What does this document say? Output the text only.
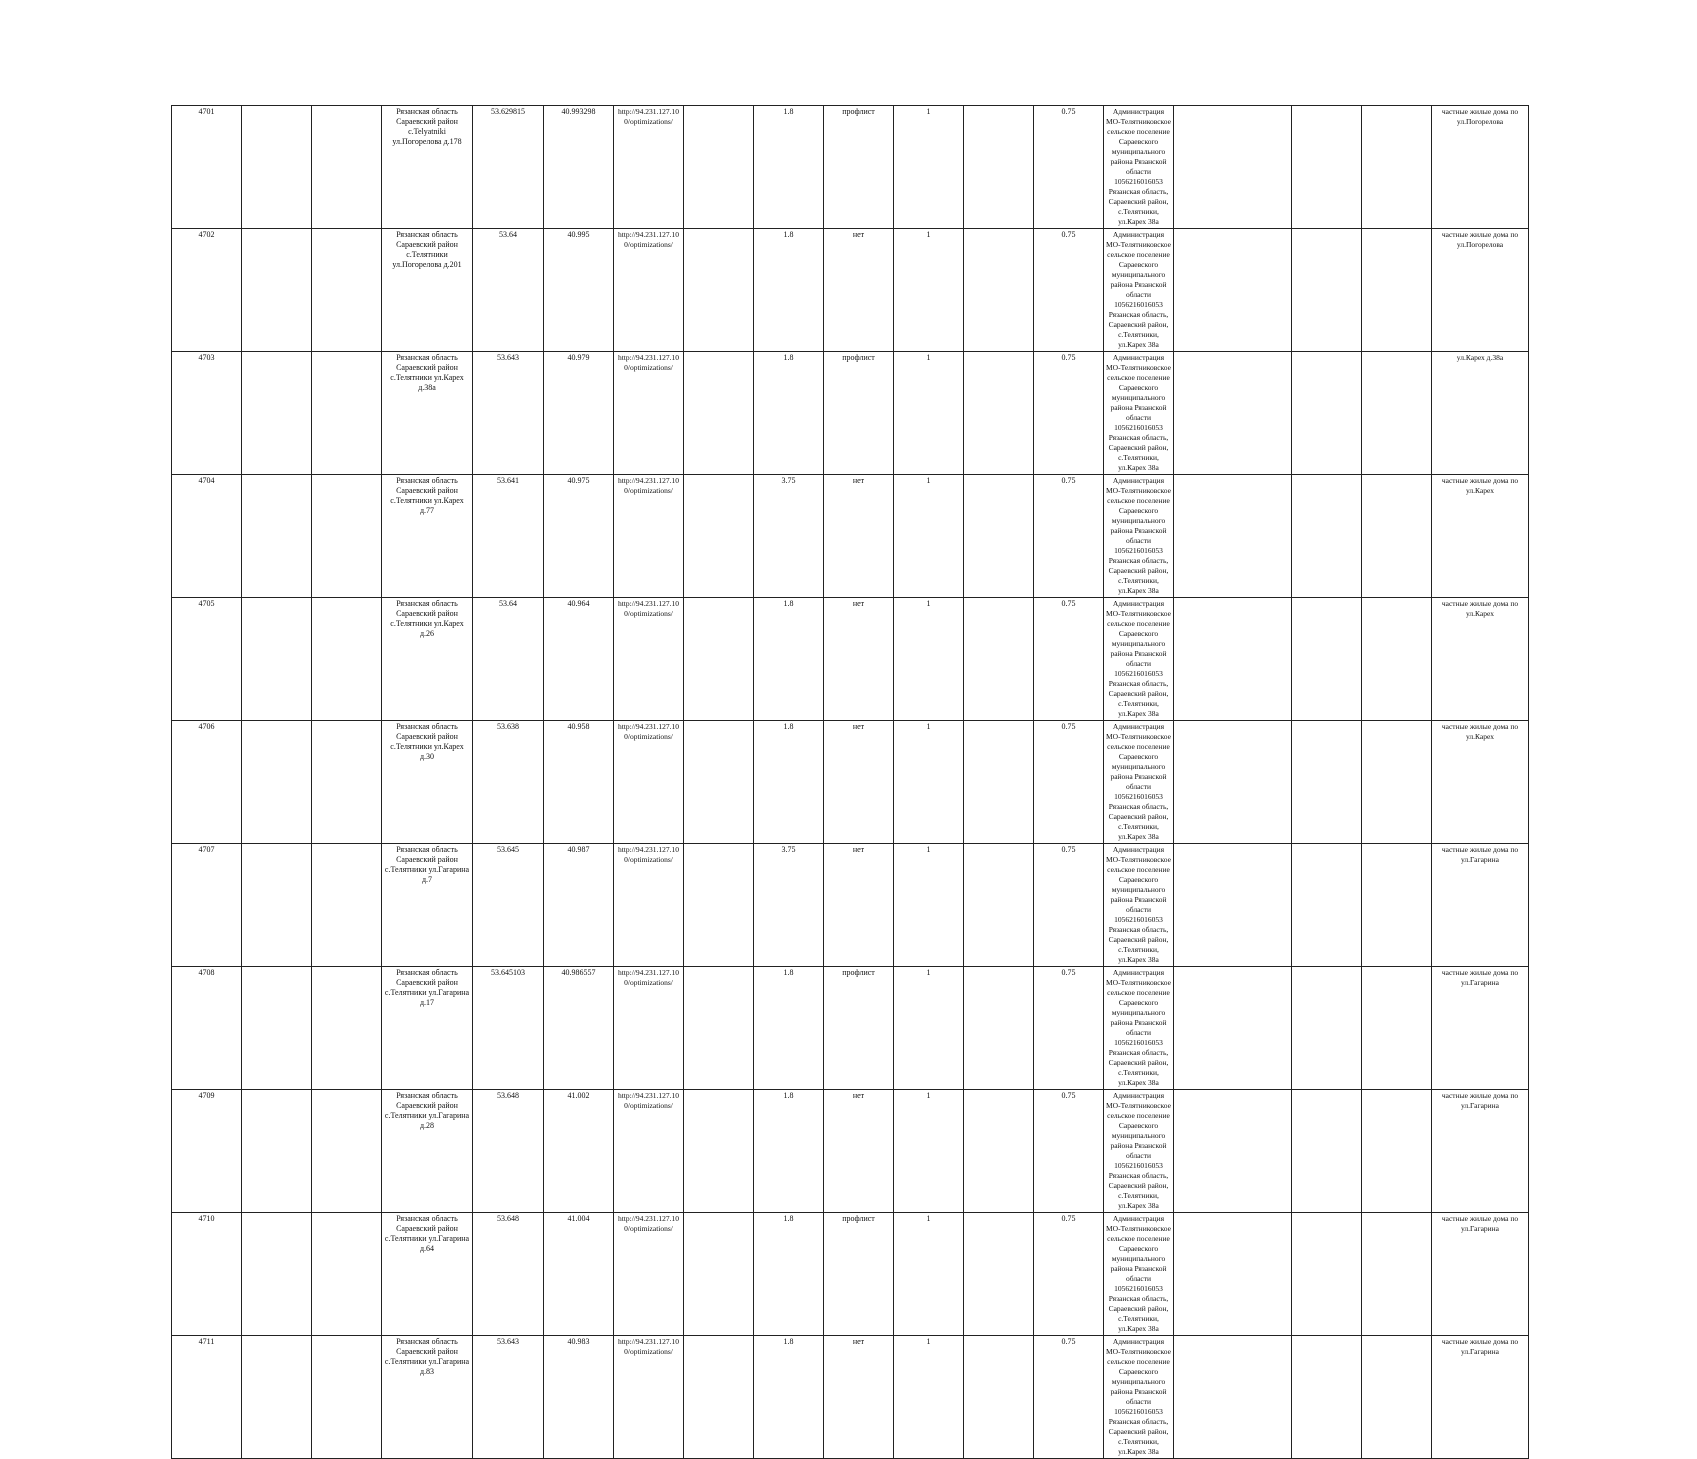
4701			Рязанская область Сараевский район с.Telyatniki ул.Погорелова д.178	53.629815	40.993298	http://94.231.127.10 0/optimizations/		1.8	профлист	1		0.75	Администрация МО-Телятниковское сельское поселение Сараевского муниципального района Рязанской области 1056216016053 Рязанская область, Сараевский район, с.Телятники, ул.Карех 38а				частные жилые дома по ул.Погорелова
4702			Рязанская область Сараевский район с.Телятники ул.Погорелова д.201	53.64	40.995	http://94.231.127.10 0/optimizations/		1.8	нет	1		0.75	Администрация МО-Телятниковское сельское поселение Сараевского муниципального района Рязанской области 1056216016053 Рязанская область, Сараевский район, с.Телятники, ул.Карех 38а				частные жилые дома по ул.Погорелова
4703			Рязанская область Сараевский район с.Телятники ул.Карех д.38а	53.643	40.979	http://94.231.127.10 0/optimizations/		1.8	профлист	1		0.75	Администрация МО-Телятниковское сельское поселение Сараевского муниципального района Рязанской области 1056216016053 Рязанская область, Сараевский район, с.Телятники, ул.Карех 38а				ул.Карех д.38а
4704			Рязанская область Сараевский район с.Телятники ул.Карех д.77	53.641	40.975	http://94.231.127.10 0/optimizations/		3.75	нет	1		0.75	Администрация МО-Телятниковское сельское поселение Сараевского муниципального района Рязанской области 1056216016053 Рязанская область, Сараевский район, с.Телятники, ул.Карех 38а				частные жилые дома по ул.Карех
4705			Рязанская область Сараевский район с.Телятники ул.Карех д.26	53.64	40.964	http://94.231.127.10 0/optimizations/		1.8	нет	1		0.75	Администрация МО-Телятниковское сельское поселение Сараевского муниципального района Рязанской области 1056216016053 Рязанская область, Сараевский район, с.Телятники, ул.Карех 38а				частные жилые дома по ул.Карех
4706			Рязанская область Сараевский район с.Телятники ул.Карех д.30	53.638	40.958	http://94.231.127.10 0/optimizations/		1.8	нет	1		0.75	Администрация МО-Телятниковское сельское поселение Сараевского муниципального района Рязанской области 1056216016053 Рязанская область, Сараевский район, с.Телятники, ул.Карех 38а				частные жилые дома по ул.Карех
4707			Рязанская область Сараевский район с.Телятники ул.Гагарина д.7	53.645	40.987	http://94.231.127.10 0/optimizations/		3.75	нет	1		0.75	Администрация МО-Телятниковское сельское поселение Сараевского муниципального района Рязанской области 1056216016053 Рязанская область, Сараевский район, с.Телятники, ул.Карех 38а				частные жилые дома по ул.Гагарина
4708			Рязанская область Сараевский район с.Телятники ул.Гагарина д.17	53.645103	40.986557	http://94.231.127.10 0/optimizations/		1.8	профлист	1		0.75	Администрация МО-Телятниковское сельское поселение Сараевского муниципального района Рязанской области 1056216016053 Рязанская область, Сараевский район, с.Телятники, ул.Карех 38а				частные жилые дома по ул.Гагарина
4709			Рязанская область Сараевский район с.Телятники ул.Гагарина д.28	53.648	41.002	http://94.231.127.10 0/optimizations/		1.8	нет	1		0.75	Администрация МО-Телятниковское сельское поселение Сараевского муниципального района Рязанской области 1056216016053 Рязанская область, Сараевский район, с.Телятники, ул.Карех 38а				частные жилые дома по ул.Гагарина
4710			Рязанская область Сараевский район с.Телятники ул.Гагарина д.64	53.648	41.004	http://94.231.127.10 0/optimizations/		1.8	профлист	1		0.75	Администрация МО-Телятниковское сельское поселение Сараевского муниципального района Рязанской области 1056216016053 Рязанская область, Сараевский район, с.Телятники, ул.Карех 38а				частные жилые дома по ул.Гагарина
4711			Рязанская область Сараевский район с.Телятники ул.Гагарина д.83	53.643	40.983	http://94.231.127.10 0/optimizations/		1.8	нет	1		0.75	Администрация МО-Телятниковское сельское поселение Сараевского муниципального района Рязанской области 1056216016053 Рязанская область, Сараевский район, с.Телятники, ул.Карех 38а				частные жилые дома по ул.Гагарина
